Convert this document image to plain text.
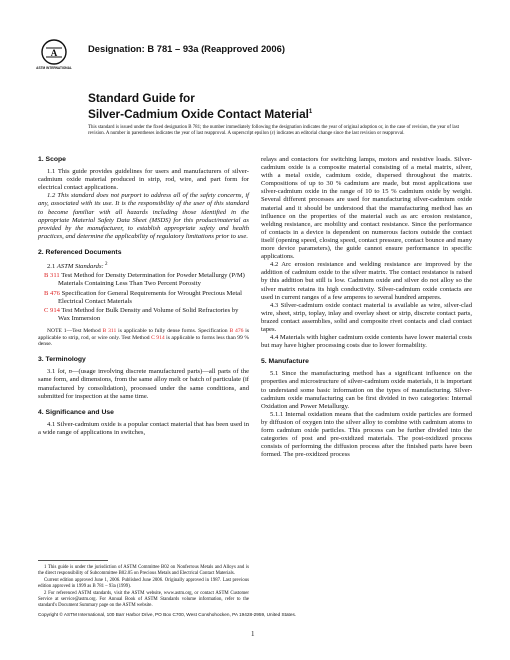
A
ASTM INTERNATIONAL
Designation: B 781 – 93a (Reapproved 2006)
Standard Guide for
Silver-Cadmium Oxide Contact Material$^1$
This standard is issued under the fixed designation B 781; the number immediately following the designation indicates the year of original adoption or, in the case of revision, the year of last revision. A number in parentheses indicates the year of last reapproval. A superscript epsilon (ε) indicates an editorial change since the last revision or reapproval.

1. Scope

1.1 This guide provides guidelines for users and manufacturers of silver-cadmium oxide material produced in strip, rod, wire, and part form for electrical contact applications.

1.2 This standard does not purport to address all of the safety concerns, if any, associated with its use. It is the responsibility of the user of this standard to become familiar with all hazards including those identified in the appropriate Material Safety Data Sheet (MSDS) for this product/material as provided by the manufacturer, to establish appropriate safety and health practices, and determine the applicability of regulatory limitations prior to use.

2. Referenced Documents

2.1 ASTM Standards: $^2$

B 311 Test Method for Density Determination for Powder Metallurgy (P/M) Materials Containing Less Than Two Percent Porosity

B 476 Specification for General Requirements for Wrought Precious Metal Electrical Contact Materials

C 914 Test Method for Bulk Density and Volume of Solid Refractories by Wax Immersion

NOTE 1—Test Method B 311 is applicable to fully dense forms. Specification B 476 is applicable to strip, rod, or wire only. Test Method C 914 is applicable to forms less than 99 % dense.

3. Terminology

3.1 lot, n—(usage involving discrete manufactured parts)—all parts of the same form, and dimensions, from the same alloy melt or batch of particulate (if manufactured by consolidation), processed under the same conditions, and submitted for inspection at the same time.

4. Significance and Use

4.1 Silver-cadmium oxide is a popular contact material that has been used in a wide range of applications in switches,

relays and contactors for switching lamps, motors and resistive loads. Silver-cadmium oxide is a composite material consisting of a metal matrix, silver, with a metal oxide, cadmium oxide, dispersed throughout the matrix. Compositions of up to 30 % cadmium are made, but most applications use silver-cadmium oxide in the range of 10 to 15 % cadmium oxide by weight. Several different processes are used for manufacturing silver-cadmium oxide material and it should be understood that the manufacturing method has an influence on the properties of the material such as arc erosion resistance, welding resistance, arc mobility and contact resistance. Since the performance of contacts in a device is dependent on numerous factors outside the contact itself (opening speed, closing speed, contact pressure, contact bounce and many more device parameters), the guide cannot ensure performance in specific applications.

4.2 Arc erosion resistance and welding resistance are improved by the addition of cadmium oxide to the silver matrix. The contact resistance is raised by this addition but still is low. Cadmium oxide and silver do not alloy so the silver matrix retains its high conductivity. Silver-cadmium oxide contacts are used in current ranges of a few amperes to several hundred amperes.

4.3 Silver-cadmium oxide contact material is available as wire, silver-clad wire, sheet, strip, toplay, inlay and overlay sheet or strip, discrete contact parts, brazed contact assemblies, solid and composite rivet contacts and clad contact tapes.

4.4 Materials with higher cadmium oxide contents have lower material costs but may have higher processing costs due to lower formability.

5. Manufacture

5.1 Since the manufacturing method has a significant influence on the properties and microstructure of silver-cadmium oxide materials, it is important to understand some basic information on the types of manufacturing. Silver-cadmium oxide manufacturing can be first divided in two categories: Internal Oxidation and Power Metallurgy.

5.1.1 Internal oxidation means that the cadmium oxide particles are formed by diffusion of oxygen into the silver alloy to combine with cadmium atoms to form cadmium oxide particles. This process can be further divided into the categories of post and pre-oxidized materials. The post-oxidized process consists of performing the diffusion process after the finished parts have been formed. The pre-oxidized process

1 This guide is under the jurisdiction of ASTM Committee B02 on Nonferrous Metals and Alloys and is the direct responsibility of Subcommittee B02.05 on Precious Metals and Electrical Contact Materials.

Current edition approved June 1, 2006. Published June 2006. Originally approved in 1987. Last previous edition approved in 1999 as B 781 – 93a (1999).

2 For referenced ASTM standards, visit the ASTM website, www.astm.org, or contact ASTM Customer Service at service@astm.org. For Annual Book of ASTM Standards volume information, refer to the standard's Document Summary page on the ASTM website.

Copyright © ASTM International, 100 Barr Harbor Drive, PO Box C700, West Conshohocken, PA 19428-2959, United States.
1
